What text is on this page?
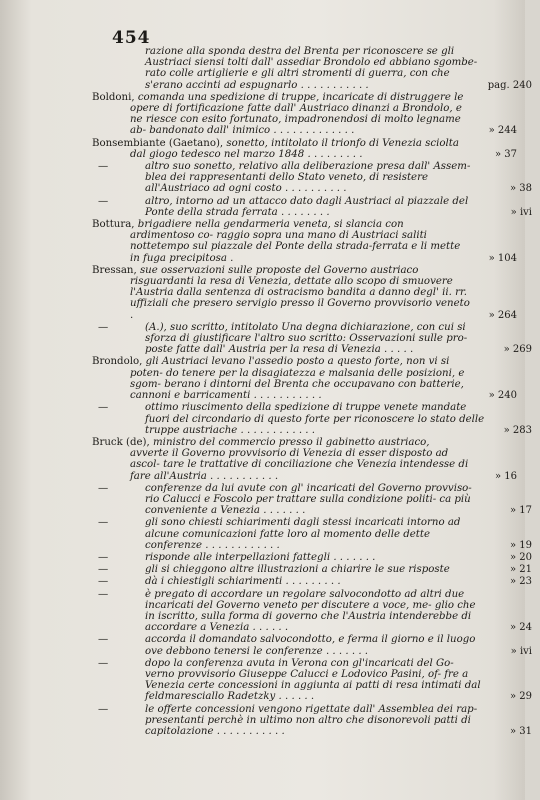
454
razione alla sponda destra del Brenta per riconoscere se gli Austriaci siensi tolti dall' assediar Brondolo ed abbiano sgombe- rato colle artiglierie e gli altri stromenti di guerra, con che s'erano accinti ad espugnarlo . . . . . . . . . . .	pag. 240
Boldoni, comanda una spedizione di truppe, incaricate di distruggere le opere di fortificazione fatte dall' Austriaco dinanzi a Brondolo, e ne riesce con esito fortunato, impadronendosi di molto legname ab- bandonato dall' inimico . . . . . . . . . . . . .	» 244
Bonsembiante (Gaetano), sonetto, intitolato il trionfo di Venezia sciolta dal giogo tedesco nel marzo 1848 . . . . . . . . .	» 37
—	altro suo sonetto, relativo alla deliberazione presa dall' Assem- blea dei rappresentanti dello Stato veneto, di resistere all'Austriaco ad ogni costo . . . . . . . . . .	» 38
—	altro, intorno ad un attacco dato dagli Austriaci al piazzale del Ponte della strada ferrata . . . . . . . .	» ivi
Bottura, brigadiere nella gendarmeria veneta, si slancia con ardimentoso co- raggio sopra una mano di Austriaci saliti nottetempo sul piazzale del Ponte della strada-ferrata e li mette in fuga precipitosa .	» 104
Bressan, sue osservazioni sulle proposte del Governo austriaco risguardanti la resa di Venezia, dettate allo scopo di smuovere l'Austria dalla sentenza di ostracismo bandita a danno degl' ii. rr. uffiziali che presero servigio presso il Governo provvisorio veneto .	» 264
—	(A.), suo scritto, intitolato Una degna dichiarazione, con cui si sforza di giustificare l'altro suo scritto: Osservazioni sulle pro- poste fatte dall' Austria per la resa di Venezia . . . . .	» 269
Brondolo, gli Austriaci levano l'assedio posto a questo forte, non vi si poten- do tenere per la disagiatezza e malsania delle posizioni, e sgom- berano i dintorni del Brenta che occupavano con batterie, cannoni e barricamenti . . . . . . . . . . .	» 240
—	ottimo riuscimento della spedizione di truppe venete mandate fuori del circondario di questo forte per riconoscere lo stato delle truppe austriache . . . . . . . . . . . .	» 283
Bruck (de), ministro del commercio presso il gabinetto austriaco, avverte il Governo provvisorio di Venezia di esser disposto ad ascol- tare le trattative di conciliazione che Venezia intendesse di fare all'Austria . . . . . . . . . . .	» 16
—	conferenze da lui avute con gl' incaricati del Governo provviso- rio Calucci e Foscolo per trattare sulla condizione politi- ca più conveniente a Venezia . . . . . . .	» 17
—	gli sono chiesti schiarimenti dagli stessi incaricati intorno ad alcune comunicazioni fatte loro al momento delle dette conferenze . . . . . . . . . . . .	» 19
—	risponde alle interpellazioni fattegli . . . . . . .	» 20
—	gli si chieggono altre illustrazioni a chiarire le sue risposte	» 21
—	dà i chiestigli schiarimenti . . . . . . . . .	» 23
—	è pregato di accordare un regolare salvocondotto ad altri due incaricati del Governo veneto per discutere a voce, me- glio che in iscritto, sulla forma di governo che l'Austria intenderebbe di accordare a Venezia . . . . . .	» 24
—	accorda il domandato salvocondotto, e ferma il giorno e il luogo ove debbono tenersi le conferenze . . . . . . .	» ivi
—	dopo la conferenza avuta in Verona con gl'incaricati del Go- verno provvisorio Giuseppe Calucci e Lodovico Pasini, of- fre a Venezia certe concessioni in aggiunta ai patti di resa intimati dal feldmaresciallo Radetzky . . . . . .	» 29
—	le offerte concessioni vengono rigettate dall' Assemblea dei rap- presentanti perchè in ultimo non altro che disonorevoli patti di capitolazione . . . . . . . . . . .	» 31
